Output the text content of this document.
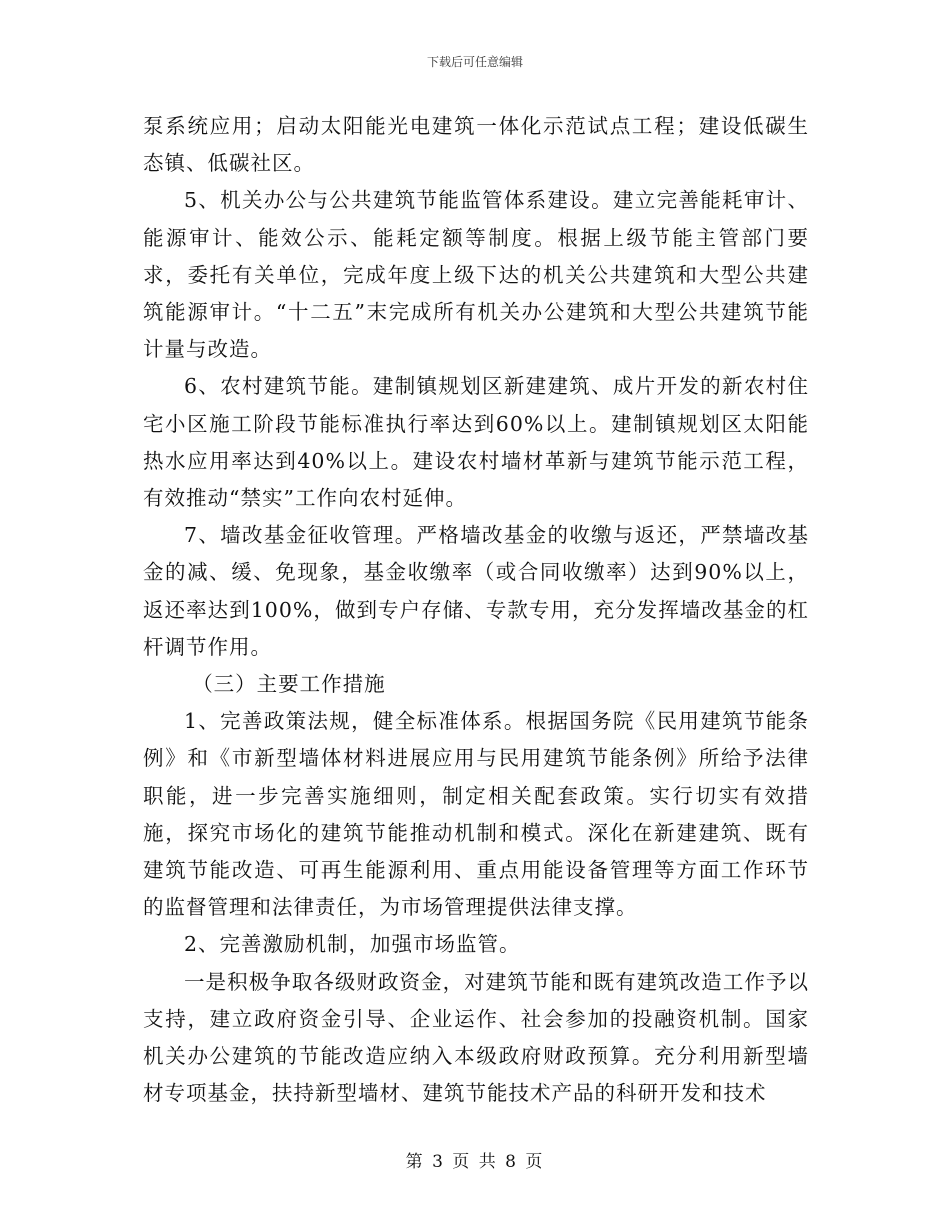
下载后可任意编辑

泵系统应用；启动太阳能光电建筑一体化示范试点工程；建设低碳生态镇、低碳社区。

5、机关办公与公共建筑节能监管体系建设。建立完善能耗审计、能源审计、能效公示、能耗定额等制度。根据上级节能主管部门要求，委托有关单位，完成年度上级下达的机关公共建筑和大型公共建筑能源审计。“十二五”末完成所有机关办公建筑和大型公共建筑节能计量与改造。

6、农村建筑节能。建制镇规划区新建建筑、成片开发的新农村住宅小区施工阶段节能标准执行率达到60%以上。建制镇规划区太阳能热水应用率达到40%以上。建设农村墙材革新与建筑节能示范工程，有效推动“禁实”工作向农村延伸。

7、墙改基金征收管理。严格墙改基金的收缴与返还，严禁墙改基金的减、缓、免现象，基金收缴率（或合同收缴率）达到90%以上，返还率达到100%，做到专户存储、专款专用，充分发挥墙改基金的杠杆调节作用。

（三）主要工作措施

1、完善政策法规，健全标准体系。根据国务院《民用建筑节能条例》和《市新型墙体材料进展应用与民用建筑节能条例》所给予法律职能，进一步完善实施细则，制定相关配套政策。实行切实有效措施，探究市场化的建筑节能推动机制和模式。深化在新建建筑、既有建筑节能改造、可再生能源利用、重点用能设备管理等方面工作环节的监督管理和法律责任，为市场管理提供法律支撑。

2、完善激励机制，加强市场监管。

一是积极争取各级财政资金，对建筑节能和既有建筑改造工作予以支持，建立政府资金引导、企业运作、社会参加的投融资机制。国家机关办公建筑的节能改造应纳入本级政府财政预算。充分利用新型墙材专项基金，扶持新型墙材、建筑节能技术产品的科研开发和技术

第 3 页 共 8 页
